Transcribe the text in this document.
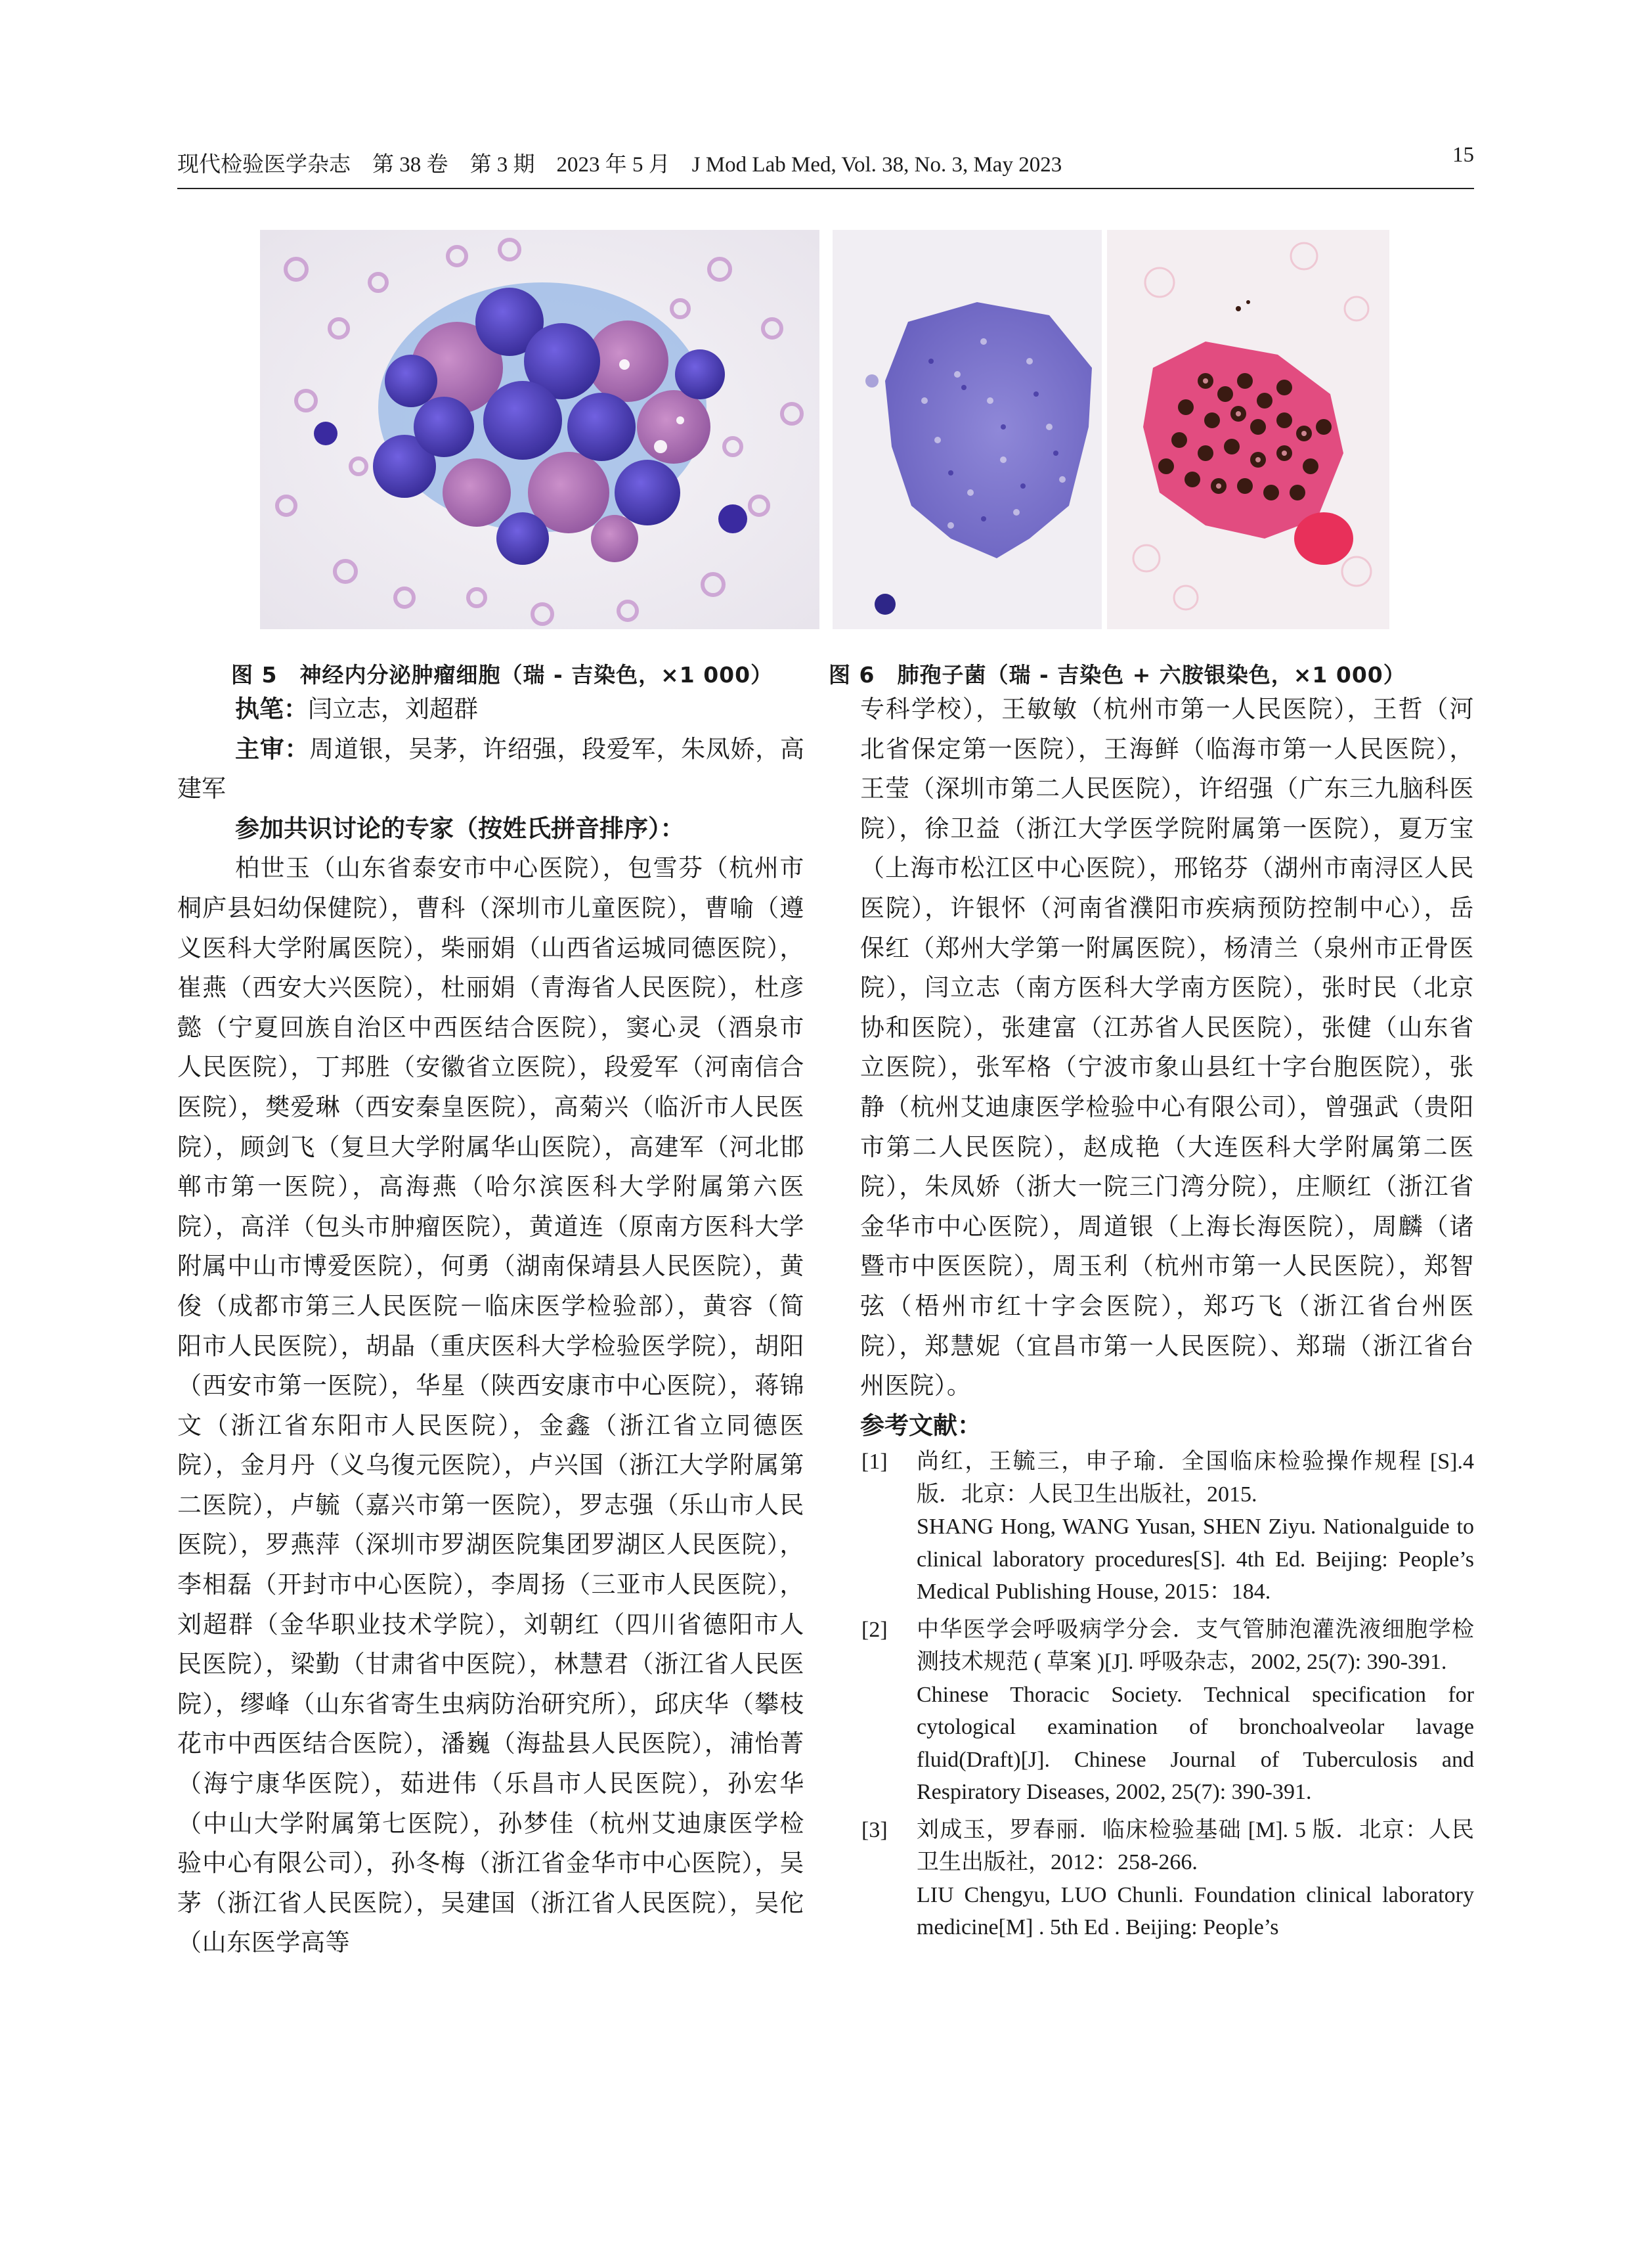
现代检验医学杂志　第 38 卷　第 3 期　2023 年 5 月　J Mod Lab Med, Vol. 38, No. 3, May 2023	15
图 5　神经内分泌肿瘤细胞（瑞 - 吉染色，×1 000）	图 6　肺孢子菌（瑞 - 吉染色 + 六胺银染色，×1 000）

执笔：闫立志，刘超群

主审：周道银，吴茅，许绍强，段爱军，朱凤娇，高建军

参加共识讨论的专家（按姓氏拼音排序）：

柏世玉（山东省泰安市中心医院），包雪芬（杭州市桐庐县妇幼保健院），曹科（深圳市儿童医院），曹喻（遵义医科大学附属医院），柴丽娟（山西省运城同德医院），崔燕（西安大兴医院），杜丽娟（青海省人民医院），杜彦懿（宁夏回族自治区中西医结合医院），窦心灵（酒泉市人民医院），丁邦胜（安徽省立医院），段爱军（河南信合医院），樊爱琳（西安秦皇医院），高菊兴（临沂市人民医院），顾剑飞（复旦大学附属华山医院），高建军（河北邯郸市第一医院），高海燕（哈尔滨医科大学附属第六医院），高洋（包头市肿瘤医院），黄道连（原南方医科大学附属中山市博爱医院），何勇（湖南保靖县人民医院），黄俊（成都市第三人民医院－临床医学检验部），黄容（简阳市人民医院），胡晶（重庆医科大学检验医学院），胡阳（西安市第一医院），华星（陕西安康市中心医院），蒋锦文（浙江省东阳市人民医院），金鑫（浙江省立同德医院），金月丹（义乌復元医院），卢兴国（浙江大学附属第二医院），卢毓（嘉兴市第一医院），罗志强（乐山市人民医院），罗燕萍（深圳市罗湖医院集团罗湖区人民医院），李相磊（开封市中心医院），李周扬（三亚市人民医院），刘超群（金华职业技术学院），刘朝红（四川省德阳市人民医院），梁勤（甘肃省中医院），林慧君（浙江省人民医院），缪峰（山东省寄生虫病防治研究所），邱庆华（攀枝花市中西医结合医院），潘巍（海盐县人民医院），浦怡菁（海宁康华医院），茹进伟（乐昌市人民医院），孙宏华（中山大学附属第七医院），孙梦佳（杭州艾迪康医学检验中心有限公司），孙冬梅（浙江省金华市中心医院），吴茅（浙江省人民医院），吴建国（浙江省人民医院），吴佗（山东医学高等

专科学校），王敏敏（杭州市第一人民医院），王哲（河北省保定第一医院），王海鲜（临海市第一人民医院），王莹（深圳市第二人民医院），许绍强（广东三九脑科医院），徐卫益（浙江大学医学院附属第一医院），夏万宝（上海市松江区中心医院），邢铭芬（湖州市南浔区人民医院），许银怀（河南省濮阳市疾病预防控制中心），岳保红（郑州大学第一附属医院），杨清兰（泉州市正骨医院），闫立志（南方医科大学南方医院），张时民（北京协和医院），张建富（江苏省人民医院），张健（山东省立医院），张军格（宁波市象山县红十字台胞医院），张静（杭州艾迪康医学检验中心有限公司），曾强武（贵阳市第二人民医院），赵成艳（大连医科大学附属第二医院），朱凤娇（浙大一院三门湾分院），庄顺红（浙江省金华市中心医院），周道银（上海长海医院），周麟（诸暨市中医医院），周玉利（杭州市第一人民医院），郑智弦（梧州市红十字会医院），郑巧飞（浙江省台州医院），郑慧妮（宜昌市第一人民医院）、郑瑞（浙江省台州医院）。

参考文献：

[1] 尚红，王毓三，申子瑜．全国临床检验操作规程 [S].4 版．北京：人民卫生出版社，2015.
SHANG Hong, WANG Yusan, SHEN Ziyu. Nationalguide to clinical laboratory procedures[S]. 4th Ed. Beijing: People’s Medical Publishing House, 2015：184.
[2] 中华医学会呼吸病学分会．支气管肺泡灌洗液细胞学检测技术规范 ( 草案 )[J]. 呼吸杂志，2002, 25(7): 390-391.
Chinese Thoracic Society. Technical specification for cytological examination of bronchoalveolar lavage fluid(Draft)[J]. Chinese Journal of Tuberculosis and Respiratory Diseases, 2002, 25(7): 390-391.
[3] 刘成玉，罗春丽．临床检验基础 [M]. 5 版．北京：人民卫生出版社，2012：258-266.
LIU Chengyu, LUO Chunli. Foundation clinical laboratory medicine[M] . 5th Ed . Beijing: People’s
